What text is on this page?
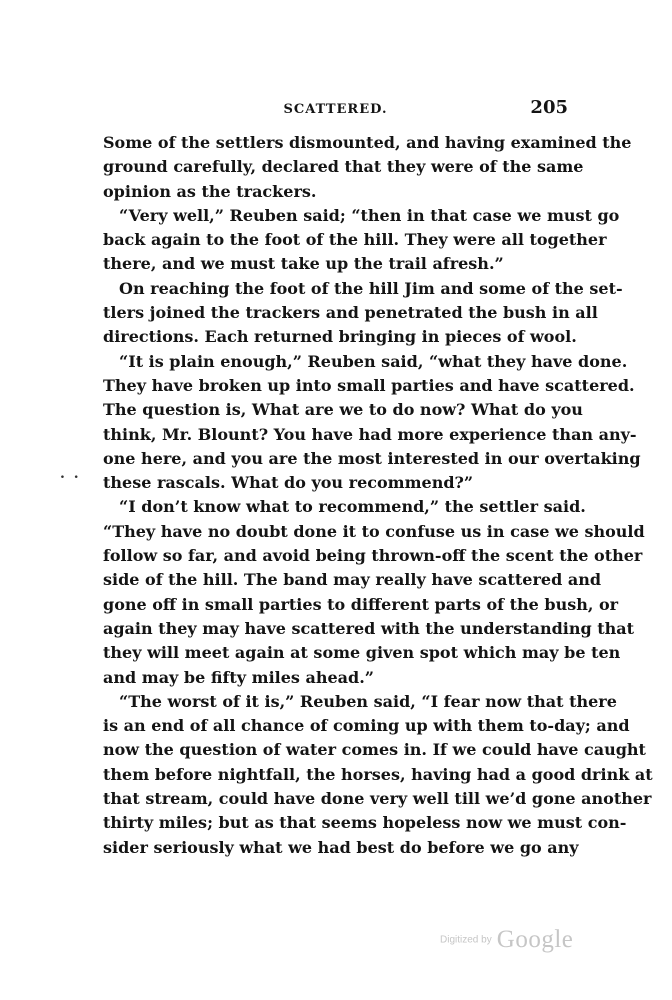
SCATTERED.	205
Some of the settlers dismounted, and having examined the
ground carefully, declared that they were of the same
opinion as the trackers.
“Very well,” Reuben said; “then in that case we must go
back again to the foot of the hill. They were all together
there, and we must take up the trail afresh.”
On reaching the foot of the hill Jim and some of the set-
tlers joined the trackers and penetrated the bush in all
directions. Each returned bringing in pieces of wool.
“It is plain enough,” Reuben said, “what they have done.
They have broken up into small parties and have scattered.
The question is, What are we to do now? What do you
think, Mr. Blount? You have had more experience than any-
one here, and you are the most interested in our overtaking
these rascals. What do you recommend?”
“I don’t know what to recommend,” the settler said.
“They have no doubt done it to confuse us in case we should
follow so far, and avoid being thrown-off the scent the other
side of the hill. The band may really have scattered and
gone off in small parties to different parts of the bush, or
again they may have scattered with the understanding that
they will meet again at some given spot which may be ten
and may be fifty miles ahead.”
“The worst of it is,” Reuben said, “I fear now that there
is an end of all chance of coming up with them to-day; and
now the question of water comes in. If we could have caught
them before nightfall, the horses, having had a good drink at
that stream, could have done very well till we’d gone another
thirty miles; but as that seems hopeless now we must con-
sider seriously what we had best do before we go any
. .
Digitized by Google
